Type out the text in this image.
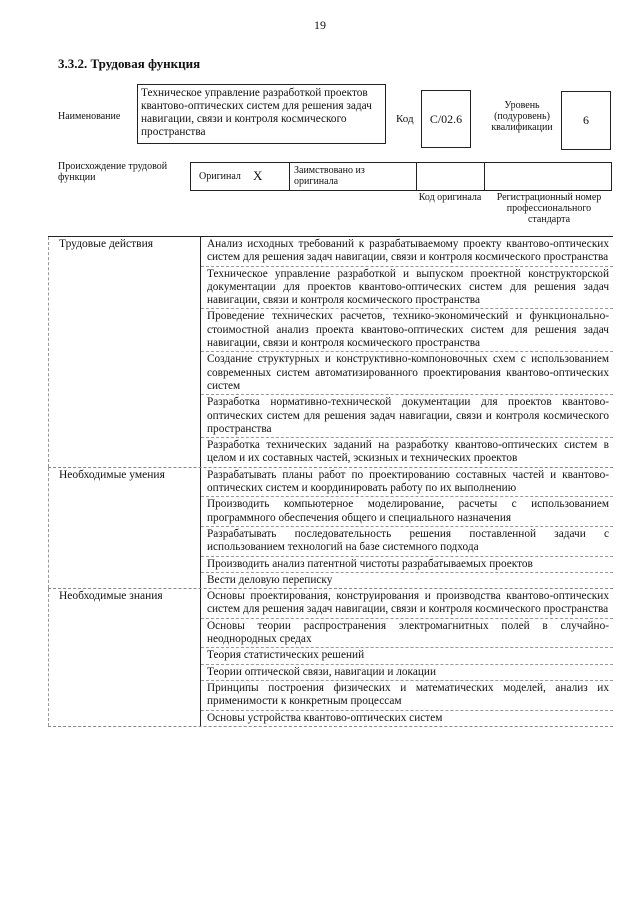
19
3.3.2. Трудовая функция
Наименование
Техническое управление разработкой проектов квантово-оптических систем для решения задач навигации, связи и контроля космического пространства
Код	С/02.6
Уровень (подуровень) квалификации
6
Происхождение трудовой функции	Оригинал X	Заимствовано из оригинала
Код оригинала	Регистрационный номер профессионального стандарта
Трудовые действия	Анализ исходных требований к разрабатываемому проекту квантово-оптических систем для решения задач навигации, связи и контроля космического пространства
Техническое управление разработкой и выпуском проектной конструкторской документации для проектов квантово-оптических систем для решения задач навигации, связи и контроля космического пространства
Проведение технических расчетов, технико-экономический и функционально-стоимостной анализ проекта квантово-оптических систем для решения задач навигации, связи и контроля космического пространства
Создание структурных и конструктивно-компоновочных схем с использованием современных систем автоматизированного проектирования квантово-оптических систем
Разработка нормативно-технической документации для проектов квантово-оптических систем для решения задач навигации, связи и контроля космического пространства
Разработка технических заданий на разработку квантово-оптических систем в целом и их составных частей, эскизных и технических проектов
Необходимые умения	Разрабатывать планы работ по проектированию составных частей и квантово-оптических систем и координировать работу по их выполнению
Производить компьютерное моделирование, расчеты с использованием программного обеспечения общего и специального назначения
Разрабатывать последовательность решения поставленной задачи с использованием технологий на базе системного подхода
Производить анализ патентной чистоты разрабатываемых проектов
Вести деловую переписку
Необходимые знания	Основы проектирования, конструирования и производства квантово-оптических систем для решения задач навигации, связи и контроля космического пространства
Основы теории распространения электромагнитных полей в случайно-неоднородных средах
Теория статистических решений
Теории оптической связи, навигации и локации
Принципы построения физических и математических моделей, анализ их применимости к конкретным процессам
Основы устройства квантово-оптических систем
